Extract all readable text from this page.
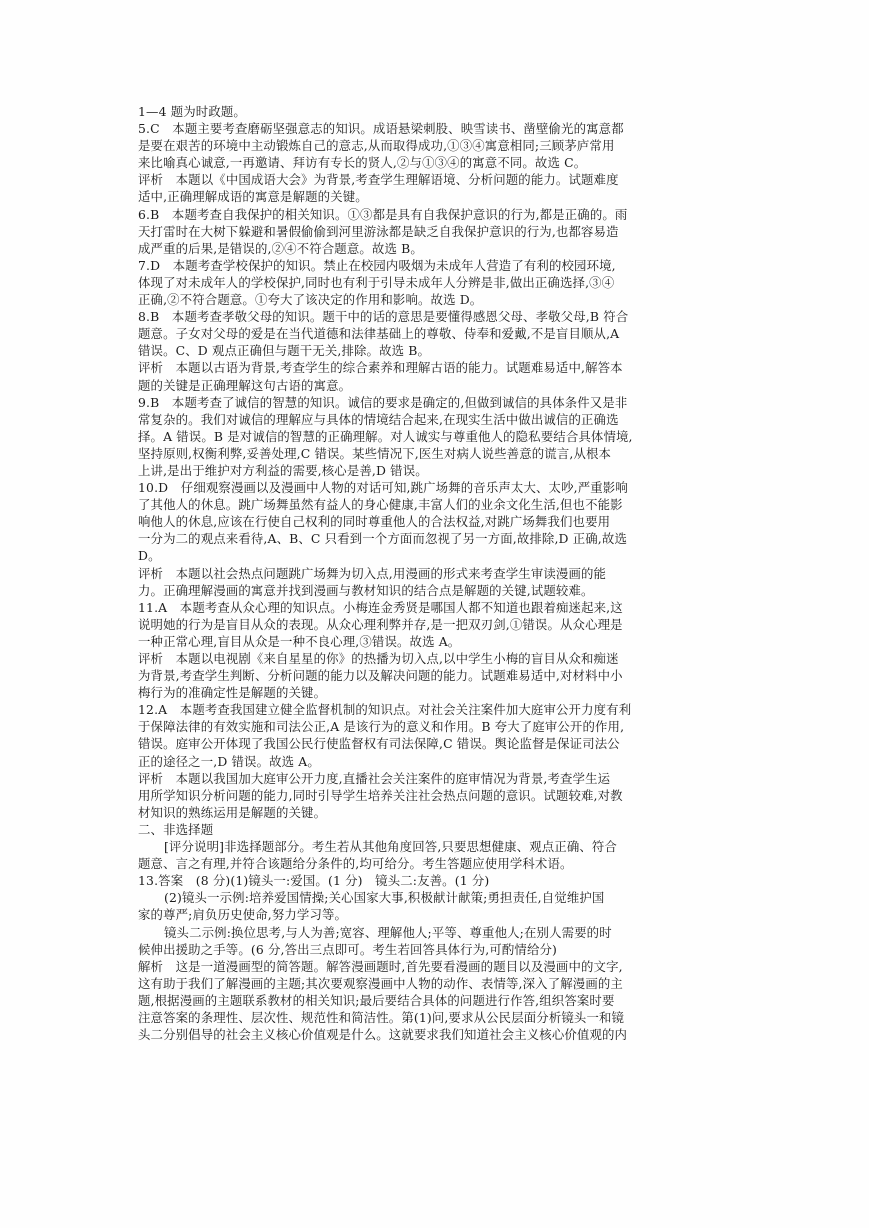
1—4 题为时政题。
5.C　本题主要考查磨砺坚强意志的知识。成语悬梁刺股、映雪读书、凿壁偷光的寓意都
是要在艰苦的环境中主动锻炼自己的意志,从而取得成功,①③④寓意相同;三顾茅庐常用
来比喻真心诚意,一再邀请、拜访有专长的贤人,②与①③④的寓意不同。故选 C。
评析　本题以《中国成语大会》为背景,考查学生理解语境、分析问题的能力。试题难度
适中,正确理解成语的寓意是解题的关键。
6.B　本题考查自我保护的相关知识。①③都是具有自我保护意识的行为,都是正确的。雨
天打雷时在大树下躲避和暑假偷偷到河里游泳都是缺乏自我保护意识的行为,也都容易造
成严重的后果,是错误的,②④不符合题意。故选 B。
7.D　本题考查学校保护的知识。禁止在校园内吸烟为未成年人营造了有利的校园环境,
体现了对未成年人的学校保护,同时也有利于引导未成年人分辨是非,做出正确选择,③④
正确,②不符合题意。①夸大了该决定的作用和影响。故选 D。
8.B　本题考查孝敬父母的知识。题干中的话的意思是要懂得感恩父母、孝敬父母,B 符合
题意。子女对父母的爱是在当代道德和法律基础上的尊敬、侍奉和爱戴,不是盲目顺从,A
错误。C、D 观点正确但与题干无关,排除。故选 B。
评析　本题以古语为背景,考查学生的综合素养和理解古语的能力。试题难易适中,解答本
题的关键是正确理解这句古语的寓意。
9.B　本题考查了诚信的智慧的知识。诚信的要求是确定的,但做到诚信的具体条件又是非
常复杂的。我们对诚信的理解应与具体的情境结合起来,在现实生活中做出诚信的正确选
择。A 错误。B 是对诚信的智慧的正确理解。对人诚实与尊重他人的隐私要结合具体情境,
坚持原则,权衡利弊,妥善处理,C 错误。某些情况下,医生对病人说些善意的谎言,从根本
上讲,是出于维护对方利益的需要,核心是善,D 错误。
10.D　仔细观察漫画以及漫画中人物的对话可知,跳广场舞的音乐声太大、太吵,严重影响
了其他人的休息。跳广场舞虽然有益人的身心健康,丰富人们的业余文化生活,但也不能影
响他人的休息,应该在行使自己权利的同时尊重他人的合法权益,对跳广场舞我们也要用
一分为二的观点来看待,A、B、C 只看到一个方面而忽视了另一方面,故排除,D 正确,故选
D。
评析　本题以社会热点问题跳广场舞为切入点,用漫画的形式来考查学生审读漫画的能
力。正确理解漫画的寓意并找到漫画与教材知识的结合点是解题的关键,试题较难。
11.A　本题考查从众心理的知识点。小梅连金秀贤是哪国人都不知道也跟着痴迷起来,这
说明她的行为是盲目从众的表现。从众心理利弊并存,是一把双刃剑,①错误。从众心理是
一种正常心理,盲目从众是一种不良心理,③错误。故选 A。
评析　本题以电视剧《来自星星的你》的热播为切入点,以中学生小梅的盲目从众和痴迷
为背景,考查学生判断、分析问题的能力以及解决问题的能力。试题难易适中,对材料中小
梅行为的准确定性是解题的关键。
12.A　本题考查我国建立健全监督机制的知识点。对社会关注案件加大庭审公开力度有利
于保障法律的有效实施和司法公正,A 是该行为的意义和作用。B 夸大了庭审公开的作用,
错误。庭审公开体现了我国公民行使监督权有司法保障,C 错误。舆论监督是保证司法公
正的途径之一,D 错误。故选 A。
评析　本题以我国加大庭审公开力度,直播社会关注案件的庭审情况为背景,考查学生运
用所学知识分析问题的能力,同时引导学生培养关注社会热点问题的意识。试题较难,对教
材知识的熟练运用是解题的关键。
二、非选择题
[评分说明]非选择题部分。考生若从其他角度回答,只要思想健康、观点正确、符合
题意、言之有理,并符合该题给分条件的,均可给分。考生答题应使用学科术语。
13.答案　(8 分)(1)镜头一:爱国。(1 分)　镜头二:友善。(1 分)
(2)镜头一示例:培养爱国情操;关心国家大事,积极献计献策;勇担责任,自觉维护国
家的尊严;肩负历史使命,努力学习等。
镜头二示例:换位思考,与人为善;宽容、理解他人;平等、尊重他人;在别人需要的时
候伸出援助之手等。(6 分,答出三点即可。考生若回答具体行为,可酌情给分)
解析　这是一道漫画型的简答题。解答漫画题时,首先要看漫画的题目以及漫画中的文字,
这有助于我们了解漫画的主题;其次要观察漫画中人物的动作、表情等,深入了解漫画的主
题,根据漫画的主题联系教材的相关知识;最后要结合具体的问题进行作答,组织答案时要
注意答案的条理性、层次性、规范性和简洁性。第(1)问,要求从公民层面分析镜头一和镜
头二分别倡导的社会主义核心价值观是什么。这就要求我们知道社会主义核心价值观的内
